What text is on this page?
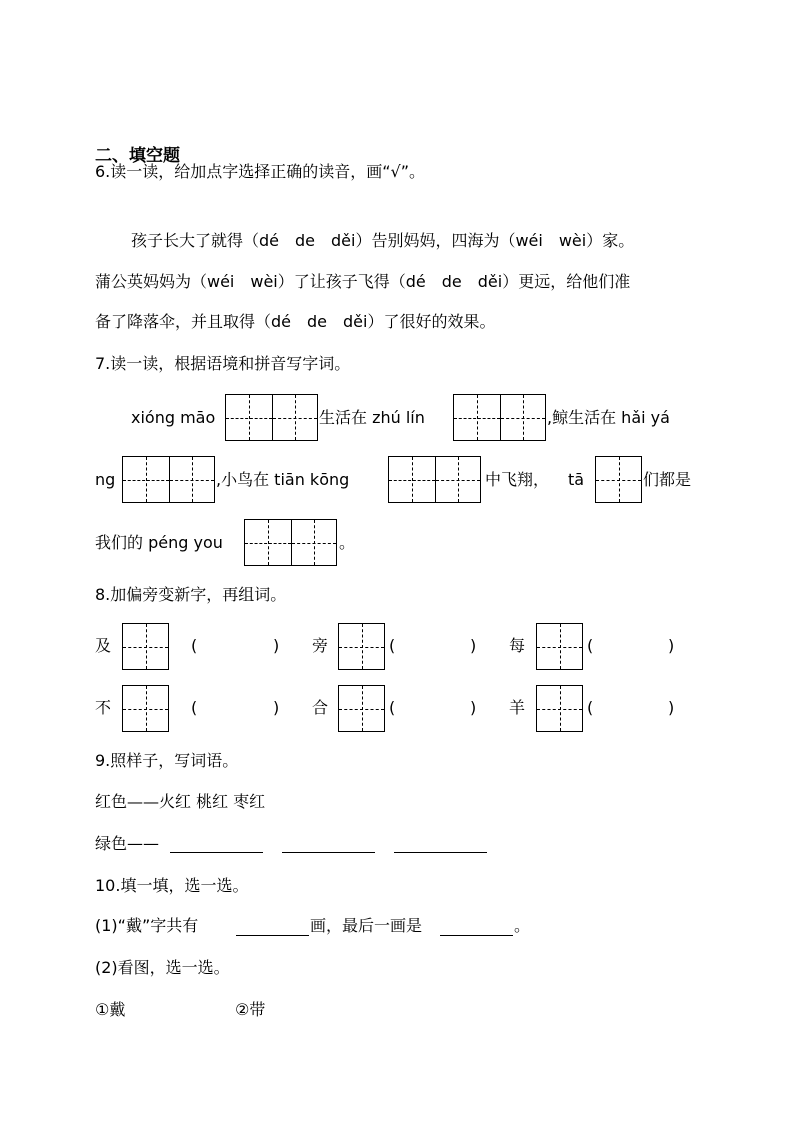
二、填空题
6.读一读，给加点字选择正确的读音，画“√”。
孩子长大了就得（dé　de　děi）告别妈妈，四海为（wéi　wèi）家。
蒲公英妈妈为（wéi　wèi）了让孩子飞得（dé　de　děi）更远，给他们准
备了降落伞，并且取得（dé　de　děi）了很好的效果。
7.读一读，根据语境和拼音写字词。
xióng māo	生活在 zhú lín	,鲸生活在 hǎi yá
ng	,小鸟在 tiān kōng	中飞翔， tā	们都是
我们的 péng you	。
8.加偏旁变新字，再组词。
及	(	) 旁	(	) 每	(	)
不	(	) 合	(	) 羊	(	)
9.照样子，写词语。
红色——火红 桃红 枣红
绿色——
10.填一填，选一选。
(1)“戴”字共有	画，最后一画是	。
(2)看图，选一选。
①戴	②带
